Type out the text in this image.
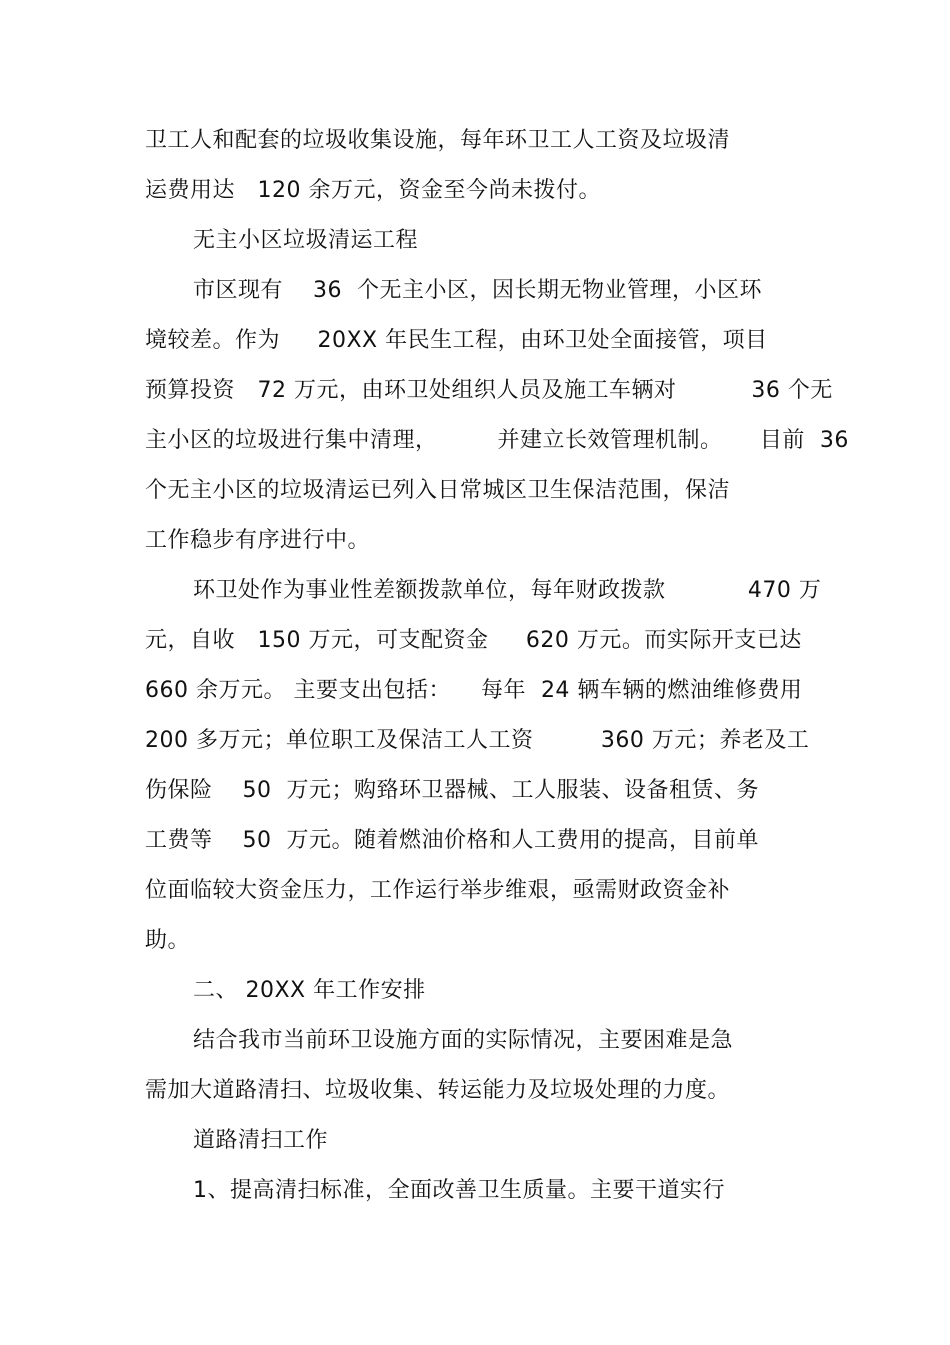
卫工人和配套的垃圾收集设施，每年环卫工人工资及垃圾清
运费用达   120 余万元，资金至今尚未拨付。
无主小区垃圾清运工程
市区现有    36  个无主小区，因长期无物业管理，小区环
境较差。作为     20XX 年民生工程，由环卫处全面接管，项目
预算投资   72 万元，由环卫处组织人员及施工车辆对          36 个无
主小区的垃圾进行集中清理，        并建立长效管理机制。     目前  36
个无主小区的垃圾清运已列入日常城区卫生保洁范围，保洁
工作稳步有序进行中。
环卫处作为事业性差额拨款单位，每年财政拨款           470 万
元，自收   150 万元，可支配资金     620 万元。而实际开支已达
660 余万元。 主要支出包括：    每年  24 辆车辆的燃油维修费用
200 多万元；单位职工及保洁工人工资         360 万元；养老及工
伤保险    50  万元；购臵环卫器械、工人服装、设备租赁、务
工费等    50  万元。随着燃油价格和人工费用的提高，目前单
位面临较大资金压力，工作运行举步维艰，亟需财政资金补
助。
二、 20XX 年工作安排
结合我市当前环卫设施方面的实际情况，主要困难是急
需加大道路清扫、垃圾收集、转运能力及垃圾处理的力度。
道路清扫工作
1、提高清扫标准，全面改善卫生质量。主要干道实行
